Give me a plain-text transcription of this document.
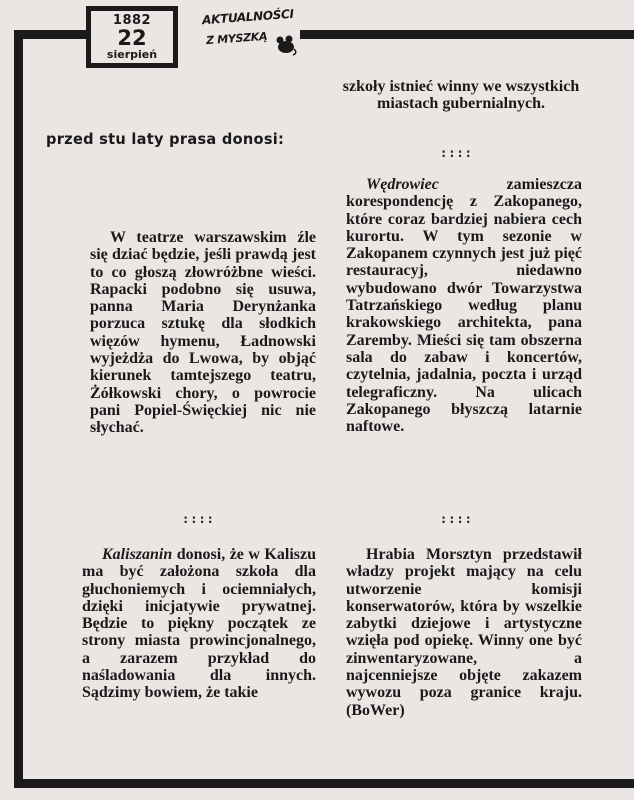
1882
22
sierpień
AKTUALNOŚCI
Z MYSZKĄ
przed stu laty prasa donosi:

W teatrze warszawskim źle się dziać będzie, jeśli prawdą jest to co głoszą złowróżbne wieści. Rapacki podobno się usuwa, panna Maria Derynżanka porzuca sztukę dla słodkich więzów hymenu, Ładnowski wyjeżdża do Lwowa, by objąć kierunek tamtejszego teatru, Żółkowski chory, o powrocie pani Popiel-Święckiej nic nie słychać.

::::

Kaliszanin donosi, że w Kaliszu ma być założona szkoła dla głuchoniemych i ociemniałych, dzięki inicjatywie prywatnej. Będzie to piękny początek ze strony miasta prowincjonalnego, a zarazem przykład do naśladowania dla innych. Sądzimy bowiem, że takie

szkoły istnieć winny we wszystkich miastach gubernialnych.

::::

Wędrowiec	zamieszcza korespondencję z Zakopanego, które coraz bardziej nabiera cech kurortu. W tym sezonie w Zakopanem czynnych jest już pięć restauracyj, niedawno wybudowano dwór Towarzystwa Tatrzańskiego według planu krakowskiego architekta, pana Zaremby. Mieści się tam obszerna sala do zabaw i koncertów, czytelnia, jadalnia, poczta i urząd telegraficzny. Na ulicach Zakopanego błyszczą latarnie naftowe.

::::

Hrabia Morsztyn przedstawił władzy projekt mający na celu utworzenie komisji konserwatorów, która by wszelkie zabytki dziejowe i artystyczne wzięła pod opiekę. Winny one być zinwentaryzowane, a najcenniejsze objęte zakazem wywozu poza granice kraju. (BoWer)
